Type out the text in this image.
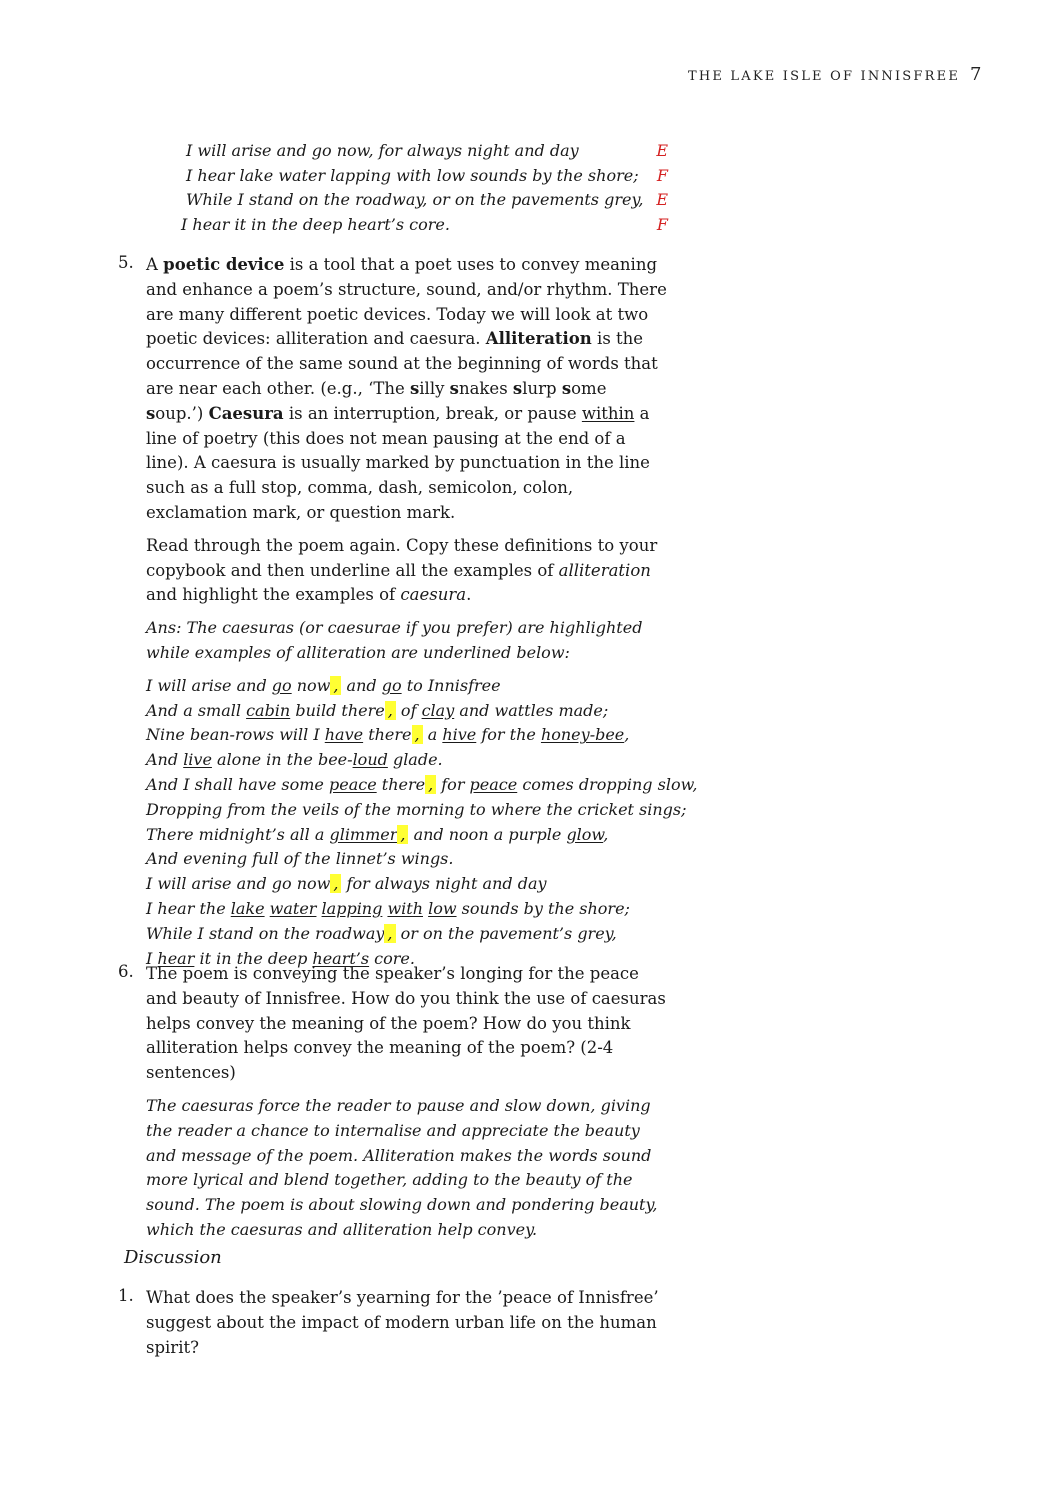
THE LAKE ISLE OF INNISFREE 7
I will arise and go now, for always night and day	E
I hear lake water lapping with low sounds by the shore; F
While I stand on the roadway, or on the pavements grey, E
I hear it in the deep heart’s core.	F
5. A poetic device is a tool that a poet uses to convey meaning and enhance a poem’s structure, sound, and/or rhythm. There are many different poetic devices. Today we will look at two poetic devices: alliteration and caesura. Alliteration is the occurrence of the same sound at the beginning of words that are near each other. (e.g., ‘The silly snakes slurp some soup.’) Caesura is an interruption, break, or pause within a line of poetry (this does not mean pausing at the end of a line). A caesura is usually marked by punctuation in the line such as a full stop, comma, dash, semicolon, colon, exclamation mark, or question mark.

Read through the poem again. Copy these definitions to your copybook and then underline all the examples of alliteration and highlight the examples of caesura.

Ans: The caesuras (or caesurae if you prefer) are highlighted while examples of alliteration are underlined below:

I will arise and go now , and go to Innisfree
And a small cabin build there , of clay and wattles made;
Nine bean-rows will I have there , a hive for the honey-bee,
And live alone in the bee-loud glade.
And I shall have some peace there , for peace comes dropping slow,
Dropping from the veils of the morning to where the cricket sings;
There midnight’s all a glimmer , and noon a purple glow,
And evening full of the linnet’s wings.
I will arise and go now , for always night and day
I hear the lake water lapping with low sounds by the shore;
While I stand on the roadway , or on the pavement’s grey,
I hear it in the deep heart’s core.
6. The poem is conveying the speaker’s longing for the peace and beauty of Innisfree. How do you think the use of caesuras helps convey the meaning of the poem? How do you think alliteration helps convey the meaning of the poem? (2-4 sentences)

The caesuras force the reader to pause and slow down, giving the reader a chance to internalise and appreciate the beauty and message of the poem. Alliteration makes the words sound more lyrical and blend together, adding to the beauty of the sound. The poem is about slowing down and pondering beauty, which the caesuras and alliteration help convey.

Discussion
1. What does the speaker’s yearning for the ’peace of Innisfree’ suggest about the impact of modern urban life on the human spirit?
